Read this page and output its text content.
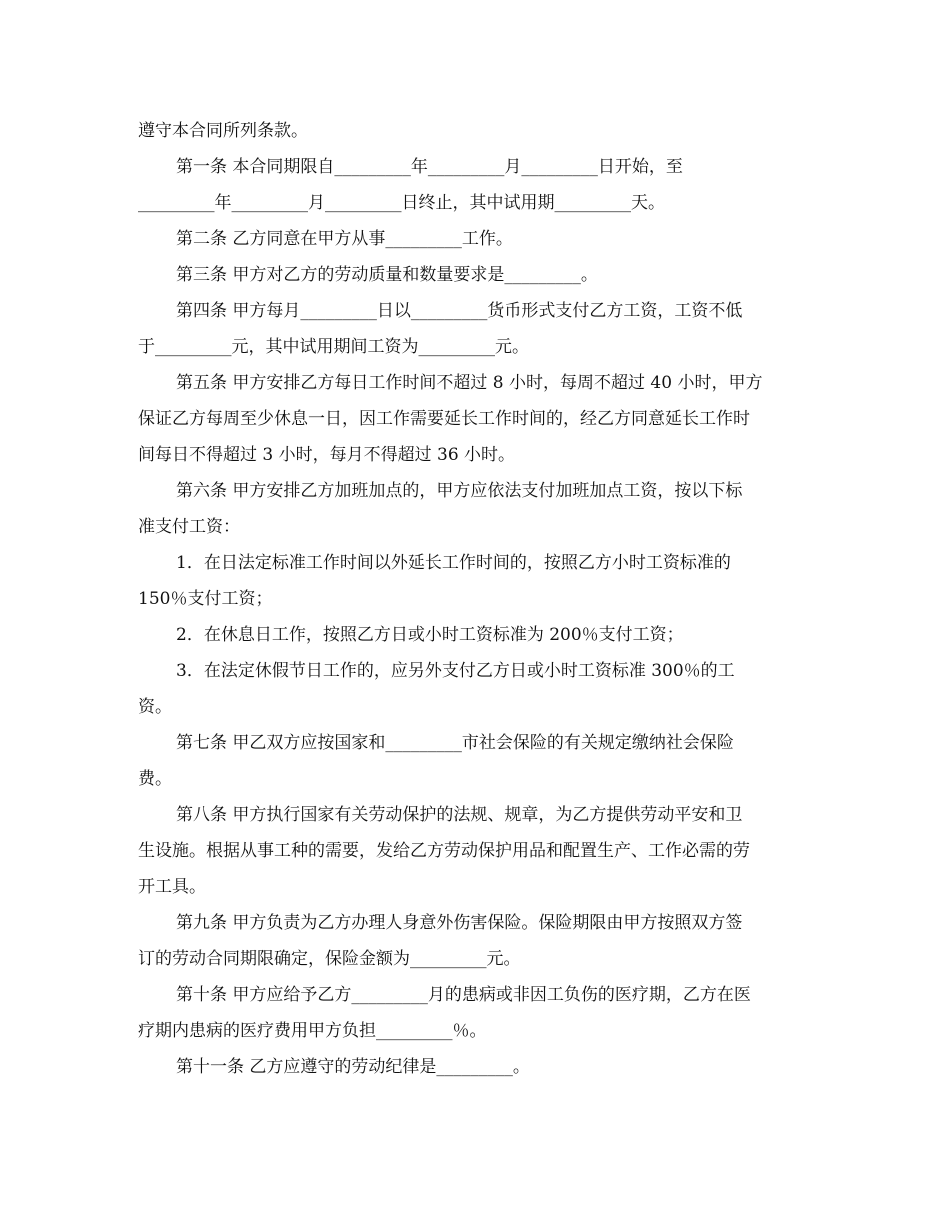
遵守本合同所列条款。
第一条 本合同期限自_________年_________月_________日开始，至
_________年_________月_________日终止，其中试用期_________天。
第二条 乙方同意在甲方从事_________工作。
第三条 甲方对乙方的劳动质量和数量要求是_________。
第四条 甲方每月_________日以_________货币形式支付乙方工资，工资不低
于_________元，其中试用期间工资为_________元。
第五条 甲方安排乙方每日工作时间不超过 8 小时，每周不超过 40 小时，甲方
保证乙方每周至少休息一日，因工作需要延长工作时间的，经乙方同意延长工作时
间每日不得超过 3 小时，每月不得超过 36 小时。
第六条 甲方安排乙方加班加点的，甲方应依法支付加班加点工资，按以下标
准支付工资：
1．在日法定标准工作时间以外延长工作时间的，按照乙方小时工资标准的
150％支付工资；
2．在休息日工作，按照乙方日或小时工资标准为 200％支付工资；
3．在法定休假节日工作的，应另外支付乙方日或小时工资标准 300％的工
资。
第七条 甲乙双方应按国家和_________市社会保险的有关规定缴纳社会保险
费。
第八条 甲方执行国家有关劳动保护的法规、规章，为乙方提供劳动平安和卫
生设施。根据从事工种的需要，发给乙方劳动保护用品和配置生产、工作必需的劳
开工具。
第九条 甲方负责为乙方办理人身意外伤害保险。保险期限由甲方按照双方签
订的劳动合同期限确定，保险金额为_________元。
第十条 甲方应给予乙方_________月的患病或非因工负伤的医疗期，乙方在医
疗期内患病的医疗费用甲方负担_________％。
第十一条 乙方应遵守的劳动纪律是_________。
